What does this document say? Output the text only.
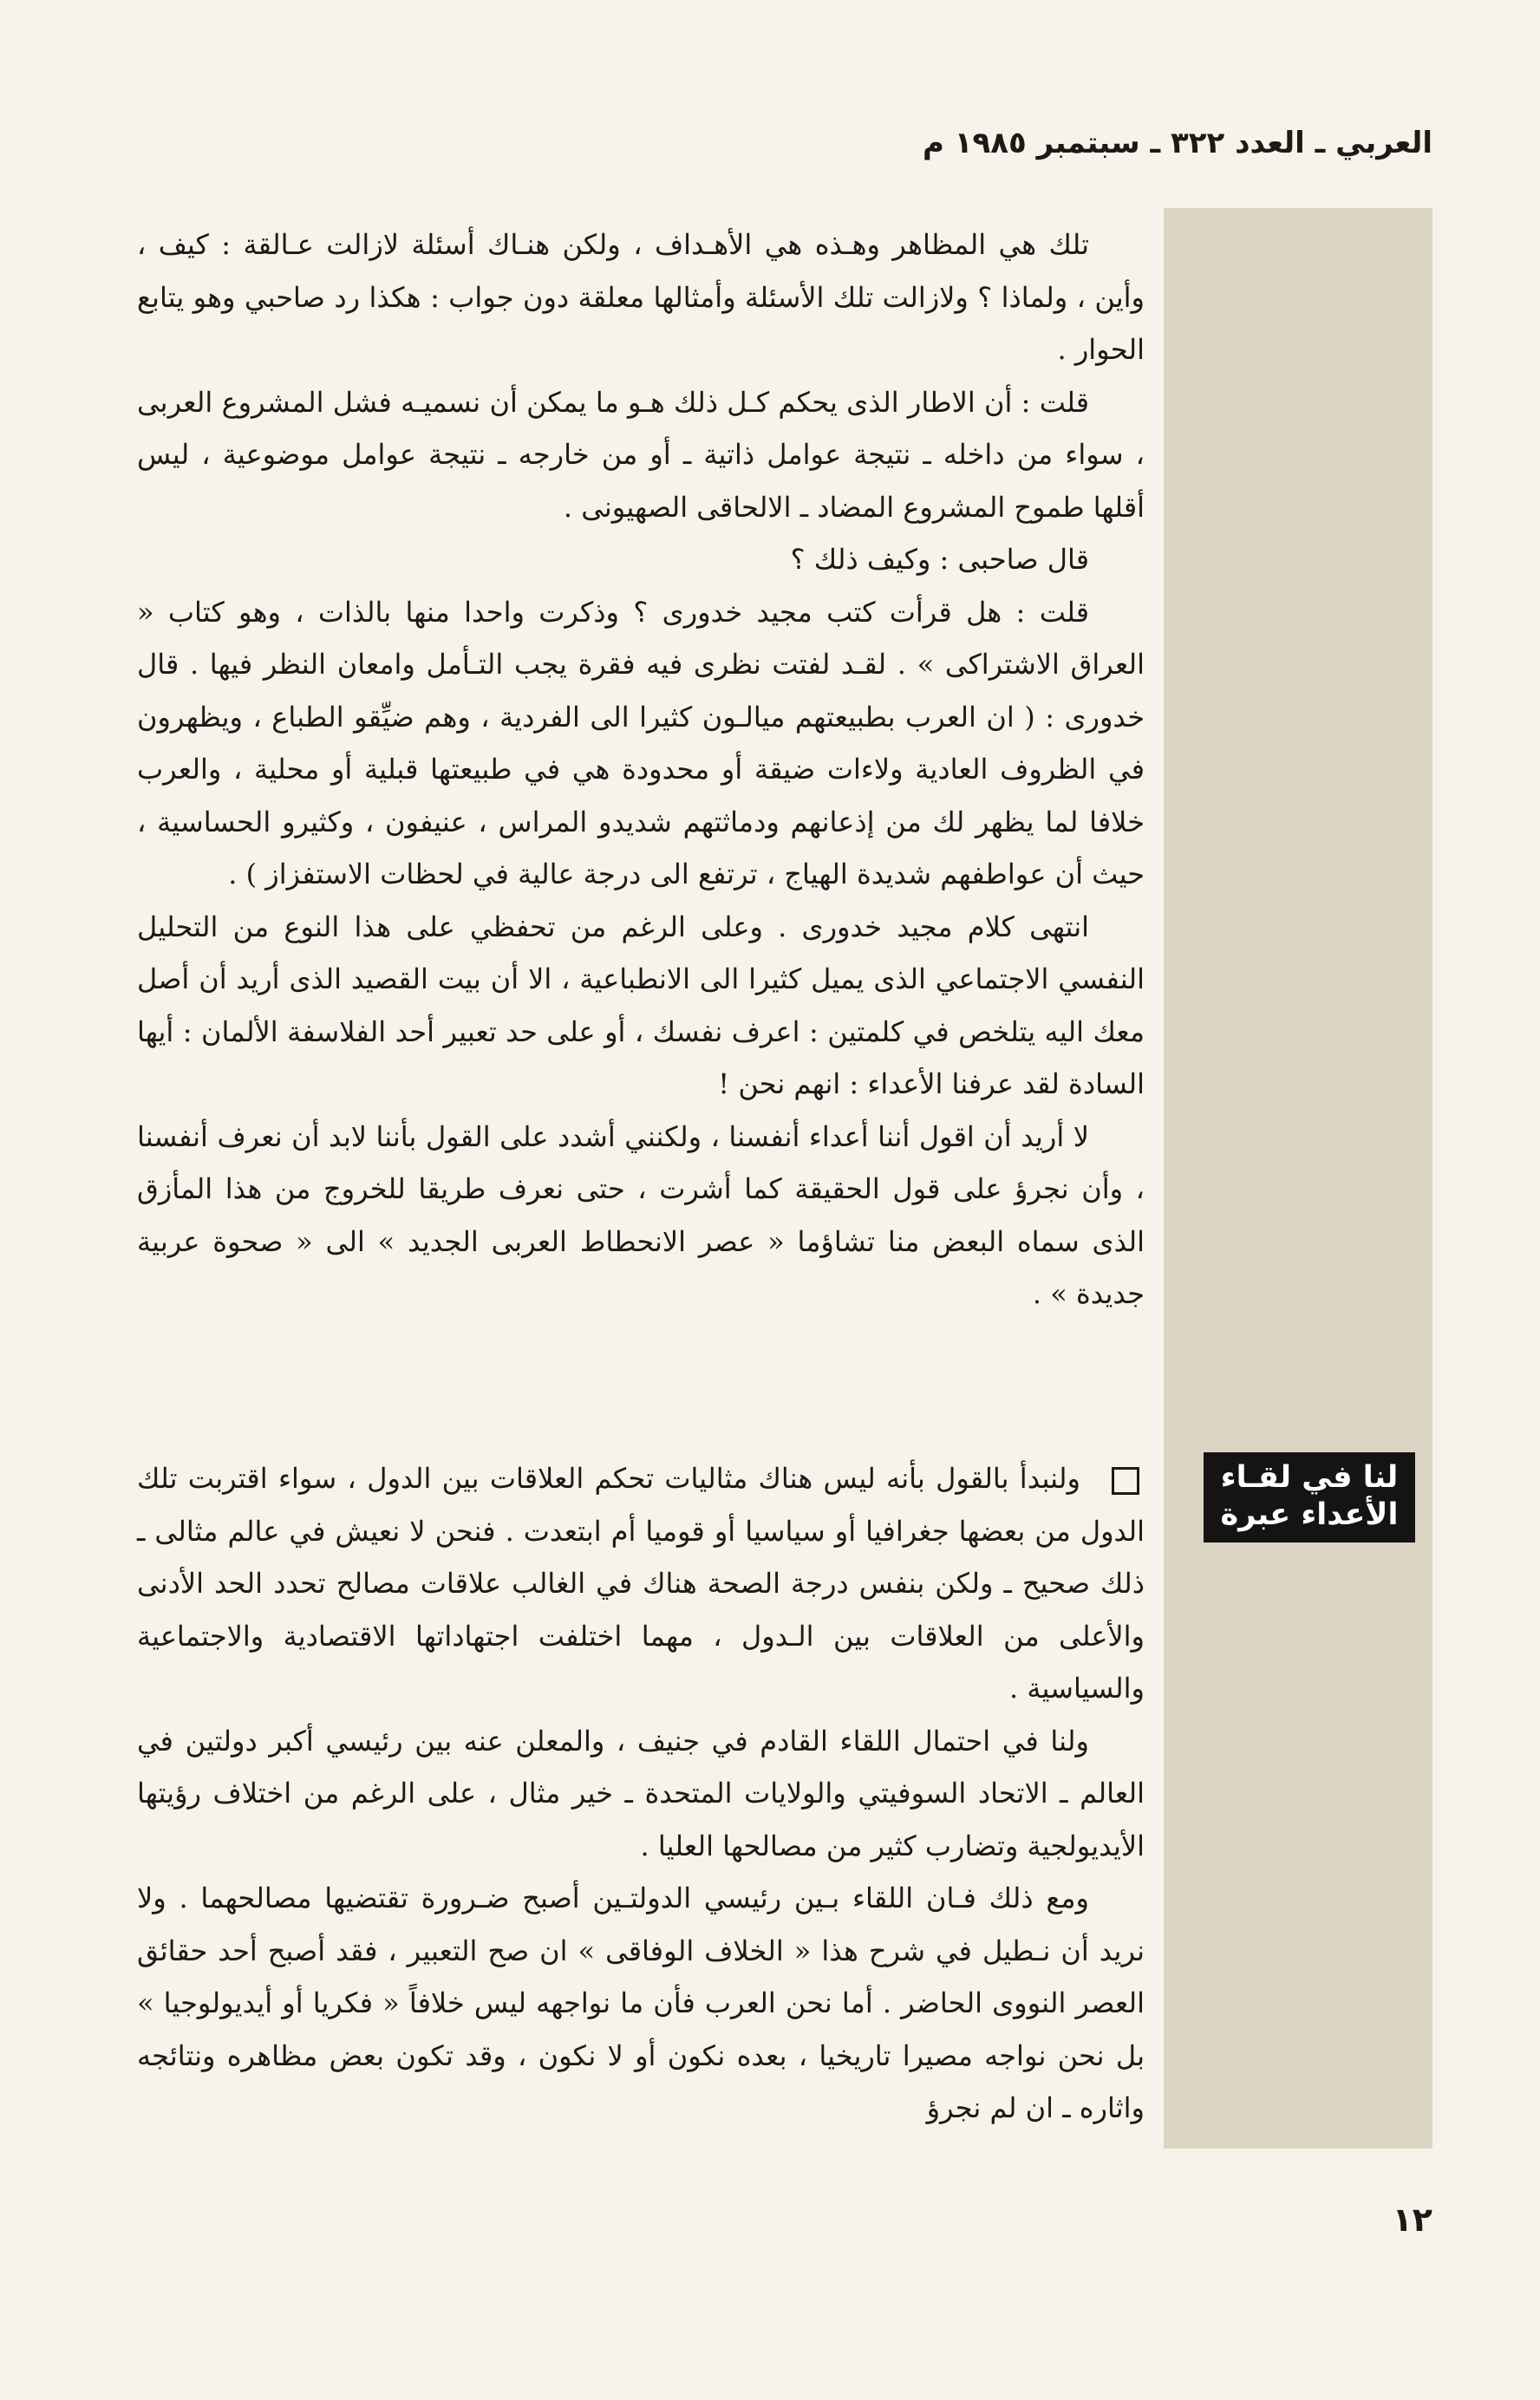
العربي ـ العدد ٣٢٢ ـ سبتمبر ١٩٨٥ م
لنا في لقـاء
الأعداء عبرة

تلك هي المظاهر وهـذه هي الأهـداف ، ولكن هنـاك أسئلة لازالت عـالقة : كيف ، وأين ، ولماذا ؟ ولازالت تلك الأسئلة وأمثالها معلقة دون جواب : هكذا رد صاحبي وهو يتابع الحوار .

قلت : أن الاطار الذى يحكم كـل ذلك هـو ما يمكن أن نسميـه فشل المشروع العربى ، سواء من داخله ـ نتيجة عوامل ذاتية ـ أو من خارجه ـ نتيجة عوامل موضوعية ، ليس أقلها طموح المشروع المضاد ـ الالحاقى الصهيونى .

قال صاحبى : وكيف ذلك ؟

قلت : هل قرأت كتب مجيد خدورى ؟ وذكرت واحدا منها بالذات ، وهو كتاب « العراق الاشتراكى » . لقـد لفتت نظرى فيه فقرة يجب التـأمل وامعان النظر فيها . قال خدورى : ( ان العرب بطبيعتهم ميالـون كثيرا الى الفردية ، وهم ضيِّقو الطباع ، ويظهرون في الظروف العادية ولاءات ضيقة أو محدودة هي في طبيعتها قبلية أو محلية ، والعرب خلافا لما يظهر لك من إذعانهم ودماثتهم شديدو المراس ، عنيفون ، وكثيرو الحساسية ، حيث أن عواطفهم شديدة الهياج ، ترتفع الى درجة عالية في لحظات الاستفزاز ) .

انتهى كلام مجيد خدورى . وعلى الرغم من تحفظي على هذا النوع من التحليل النفسي الاجتماعي الذى يميل كثيرا الى الانطباعية ، الا أن بيت القصيد الذى أريد أن أصل معك اليه يتلخص في كلمتين : اعرف نفسك ، أو على حد تعبير أحد الفلاسفة الألمان : أيها السادة لقد عرفنا الأعداء : انهم نحن !

لا أريد أن اقول أننا أعداء أنفسنا ، ولكنني أشدد على القول بأننا لابد أن نعرف أنفسنا ، وأن نجرؤ على قول الحقيقة كما أشرت ، حتى نعرف طريقا للخروج من هذا المأزق الذى سماه البعض منا تشاؤما « عصر الانحطاط العربى الجديد » الى « صحوة عربية جديدة » .

ولنبدأ بالقول بأنه ليس هناك مثاليات تحكم العلاقات بين الدول ، سواء اقتربت تلك الدول من بعضها جغرافيا أو سياسيا أو قوميا أم ابتعدت . فنحن لا نعيش في عالم مثالى ـ ذلك صحيح ـ ولكن بنفس درجة الصحة هناك في الغالب علاقات مصالح تحدد الحد الأدنى والأعلى من العلاقات بين الـدول ، مهما اختلفت اجتهاداتها الاقتصادية والاجتماعية والسياسية .

ولنا في احتمال اللقاء القادم في جنيف ، والمعلن عنه بين رئيسي أكبر دولتين في العالم ـ الاتحاد السوفيتي والولايات المتحدة ـ خير مثال ، على الرغم من اختلاف رؤيتها الأيديولجية وتضارب كثير من مصالحها العليا .

ومع ذلك فـان اللقاء بـين رئيسي الدولتـين أصبح ضـرورة تقتضيها مصالحهما . ولا نريد أن نـطيل في شرح هذا « الخلاف الوفاقى » ان صح التعبير ، فقد أصبح أحد حقائق العصر النووى الحاضر . أما نحن العرب فأن ما نواجهه ليس خلافاً « فكريا أو أيديولوجيا » بل نحن نواجه مصيرا تاريخيا ، بعده نكون أو لا نكون ، وقد تكون بعض مظاهره ونتائجه واثاره ـ ان لم نجرؤ

١٢
